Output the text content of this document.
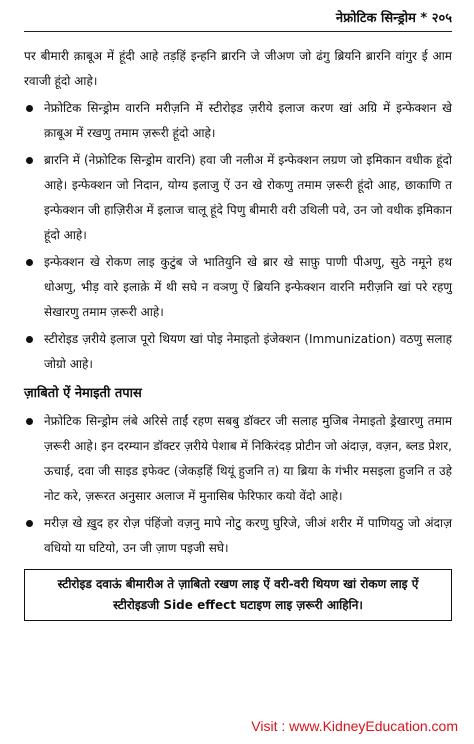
नेफ्रोटिक सिन्ड्रोम * २०५

पर बीमारी क़ाबूअ में हूंदी आहे तड़हिं इन्हनि ब्रारनि जे जीअण जो ढंगु ब्रियनि ब्रारनि वांगुर ई आम रवाजी हूंदो आहे।

नेफ्रोटिक सिन्ड्रोम वारनि मरीज़नि में स्टीरोइड ज़रीये इलाज करण खां अग्रि में इन्फेक्शन खे क़ाबूअ में रखणु तमाम ज़रूरी हूंदो आहे।
ब्रारनि में (नेफ्रोटिक सिन्ड्रोम वारनि) हवा जी नलीअ में इन्फेक्शन लग्रण जो इमिकान वधीक हूंदो आहे। इन्फेक्शन जो निदान, योग्य इलाजु ऐं उन खे रोकणु तमाम ज़रूरी हूंदो आह, छाकाणि त इन्फेक्शन जी हाज़िरीअ में इलाज चालू हूंदे पिणु बीमारी वरी उथिली पवे, उन जो वधीक इमिकान हूंदो आहे।
इन्फेक्शन खे रोकण लाइ कुटुंब जे भातियुनि खे ब्रार खे साफ़ु पाणी पीअणु, सुठे नमूने हथ धोअणु, भीड़ वारे इलाक़े में थी सघे न वञणु ऐं ब्रियनि इन्फेक्शन वारनि मरीज़नि खां परे रहणु सेखारणु तमाम ज़रूरी आहे।
स्टीरोइड ज़रीये इलाज पूरो थियण खां पोइ नेमाइतो इंजेक्शन (Immunization) वठणु सलाह जोग्रो आहे।
ज़ाबितो ऐं नेमाइती तपास
नेफ्रोटिक सिन्ड्रोम लंबे अरिसे ताईं रहण सबबु डॉक्टर जी सलाह मुजिब नेमाइतो ड्रेखारणु तमाम ज़रूरी आहे। इन दरम्यान डॉक्टर ज़रीये पेशाब में निकिरंदड़ प्रोटीन जो अंदाज़, वज़न, ब्लड प्रेशर, ऊचाई, दवा जी साइड इफेक्ट (जेकड़हिं थियूं हुजनि त) या ब्रिया के गंभीर मसइला हुजनि त उहे नोट करे, ज़रूरत अनुसार अलाज में मुनासिब फेरिफार कयो वेंदो आहे।
मरीज़ खे ख़ुद हर रोज़ पंहिंजो वज़नु मापे नोटु करणु घुरिजे, जीअं शरीर में पाणियठु जो अंदाज़ वधियो या घटियो, उन जी ज़ाण पइजी सघे।
स्टीरोइड दवाऊं बीमारीअ ते ज़ाबितो रखण लाइ ऐं वरी-वरी थियण खां रोकण लाइ ऐं स्टीरोइडजी Side effect घटाइण लाइ ज़रूरी आहिनि।
Visit : www.KidneyEducation.com
